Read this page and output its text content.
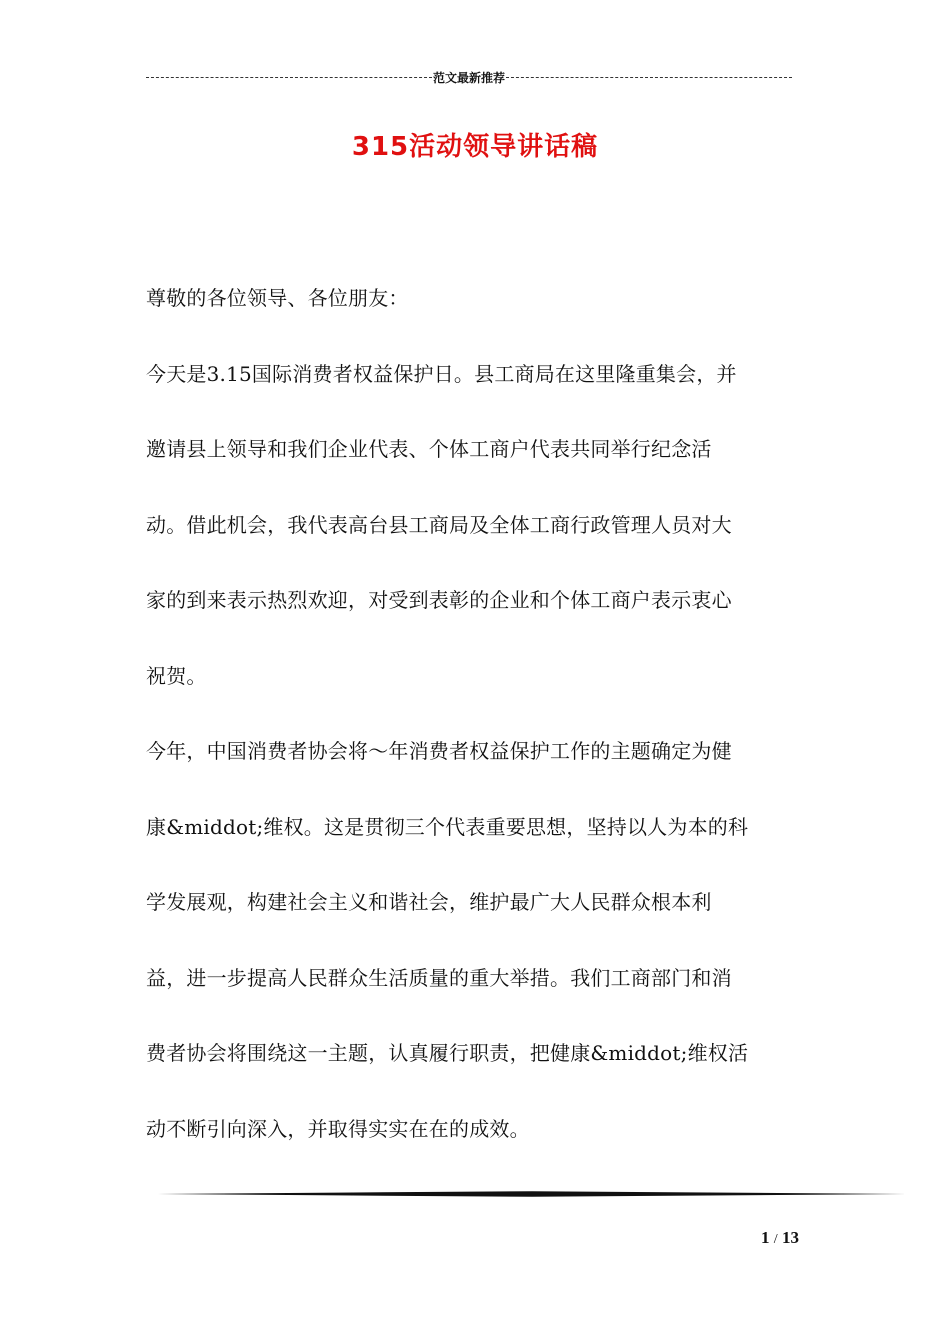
范文最新推荐
315活动领导讲话稿
尊敬的各位领导、各位朋友：
今天是3.15国际消费者权益保护日。县工商局在这里隆重集会，并
邀请县上领导和我们企业代表、个体工商户代表共同举行纪念活
动。借此机会，我代表高台县工商局及全体工商行政管理人员对大
家的到来表示热烈欢迎，对受到表彰的企业和个体工商户表示衷心
祝贺。
今年，中国消费者协会将～年消费者权益保护工作的主题确定为健
康&middot;维权。这是贯彻三个代表重要思想，坚持以人为本的科
学发展观，构建社会主义和谐社会，维护最广大人民群众根本利
益，进一步提高人民群众生活质量的重大举措。我们工商部门和消
费者协会将围绕这一主题，认真履行职责，把健康&middot;维权活
动不断引向深入，并取得实实在在的成效。
1 / 13
